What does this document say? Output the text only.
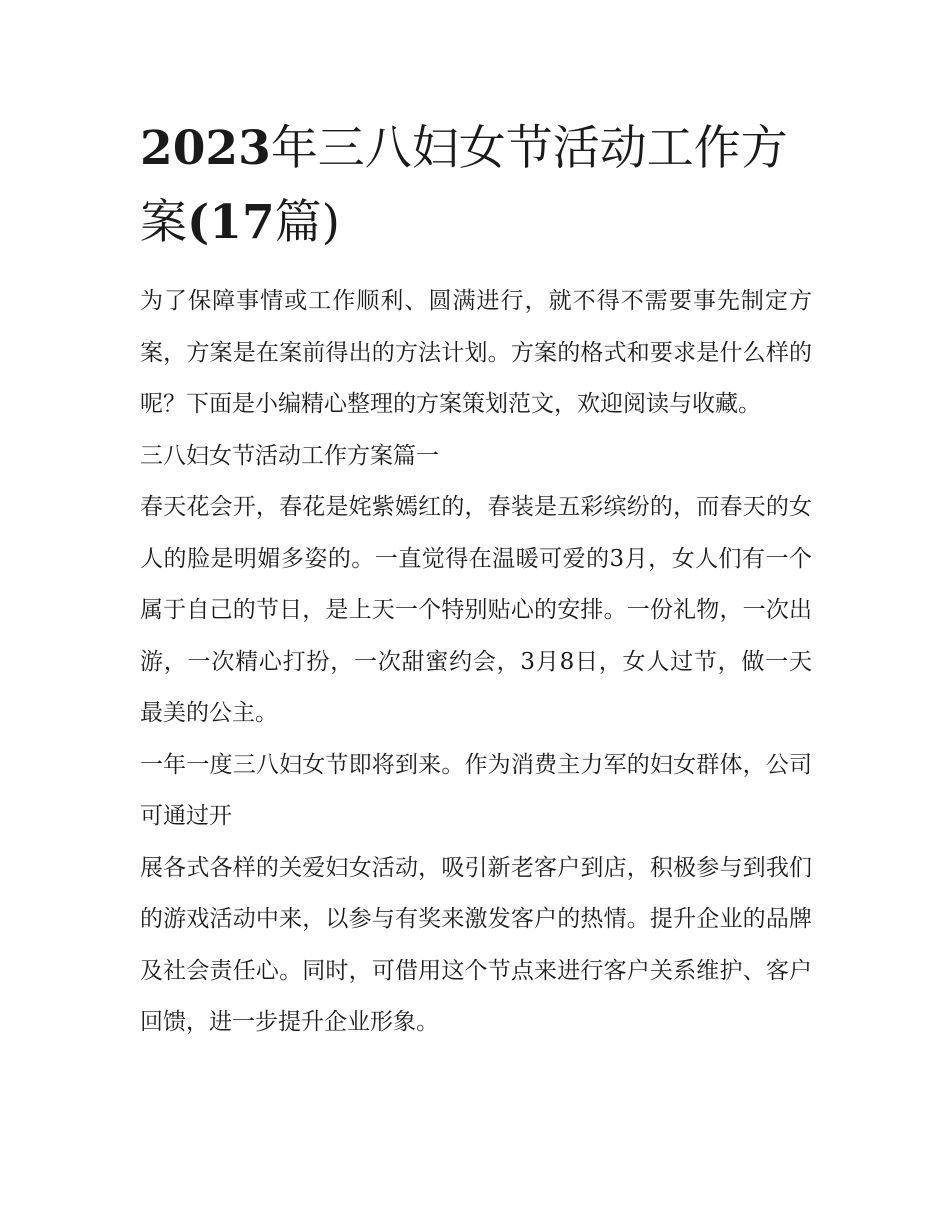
2023年三八妇女节活动工作方案(17篇)

为了保障事情或工作顺利、圆满进行，就不得不需要事先制定方案，方案是在案前得出的方法计划。方案的格式和要求是什么样的呢？下面是小编精心整理的方案策划范文，欢迎阅读与收藏。

三八妇女节活动工作方案篇一

春天花会开，春花是姹紫嫣红的，春装是五彩缤纷的，而春天的女人的脸是明媚多姿的。一直觉得在温暖可爱的3月，女人们有一个属于自己的节日，是上天一个特别贴心的安排。一份礼物，一次出游，一次精心打扮，一次甜蜜约会，3月8日，女人过节，做一天最美的公主。

一年一度三八妇女节即将到来。作为消费主力军的妇女群体，公司可通过开

展各式各样的关爱妇女活动，吸引新老客户到店，积极参与到我们的游戏活动中来，以参与有奖来激发客户的热情。提升企业的品牌及社会责任心。同时，可借用这个节点来进行客户关系维护、客户回馈，进一步提升企业形象。
